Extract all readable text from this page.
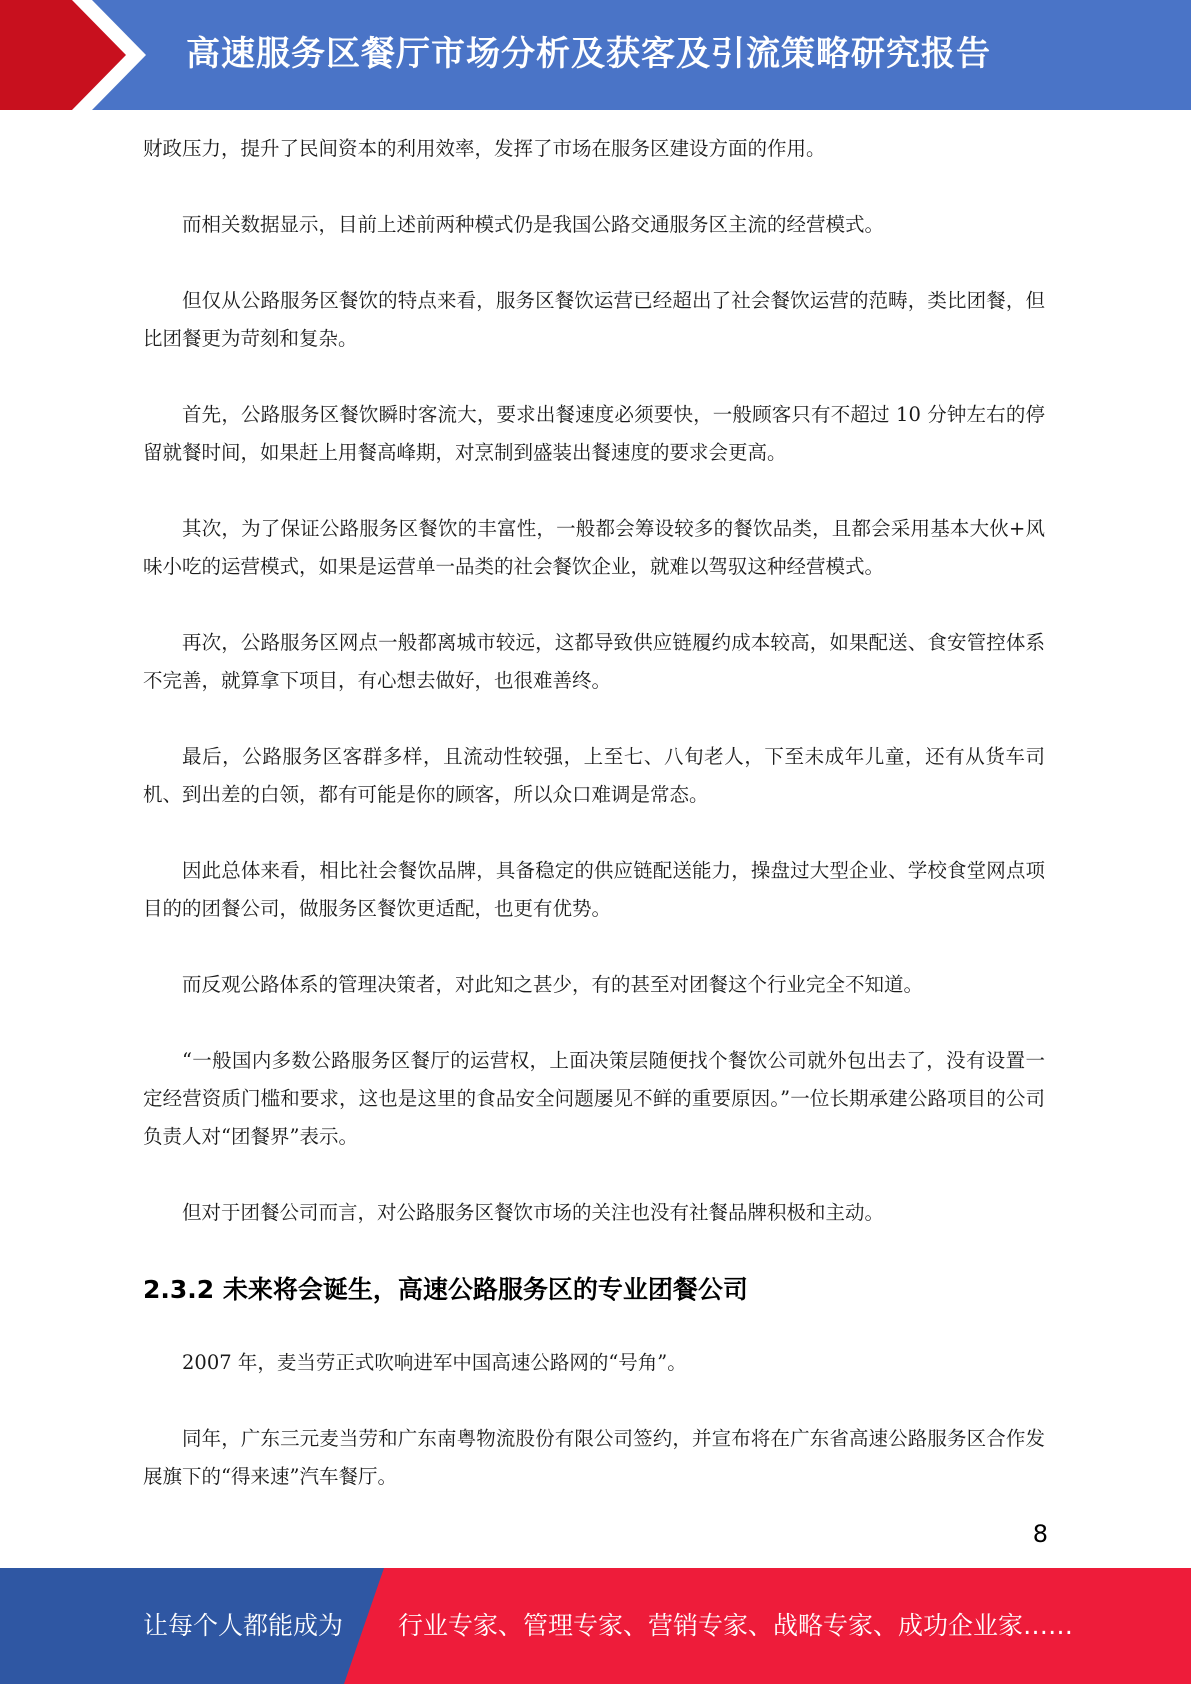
高速服务区餐厅市场分析及获客及引流策略研究报告

财政压力，提升了民间资本的利用效率，发挥了市场在服务区建设方面的作用。

而相关数据显示，目前上述前两种模式仍是我国公路交通服务区主流的经营模式。

但仅从公路服务区餐饮的特点来看，服务区餐饮运营已经超出了社会餐饮运营的范畴，类比团餐，但比团餐更为苛刻和复杂。

首先，公路服务区餐饮瞬时客流大，要求出餐速度必须要快，一般顾客只有不超过 10 分钟左右的停留就餐时间，如果赶上用餐高峰期，对烹制到盛装出餐速度的要求会更高。

其次，为了保证公路服务区餐饮的丰富性，一般都会筹设较多的餐饮品类，且都会采用基本大伙+风味小吃的运营模式，如果是运营单一品类的社会餐饮企业，就难以驾驭这种经营模式。

再次，公路服务区网点一般都离城市较远，这都导致供应链履约成本较高，如果配送、食安管控体系不完善，就算拿下项目，有心想去做好，也很难善终。

最后，公路服务区客群多样，且流动性较强，上至七、八旬老人，下至未成年儿童，还有从货车司机、到出差的白领，都有可能是你的顾客，所以众口难调是常态。

因此总体来看，相比社会餐饮品牌，具备稳定的供应链配送能力，操盘过大型企业、学校食堂网点项目的的团餐公司，做服务区餐饮更适配，也更有优势。

而反观公路体系的管理决策者，对此知之甚少，有的甚至对团餐这个行业完全不知道。

“一般国内多数公路服务区餐厅的运营权，上面决策层随便找个餐饮公司就外包出去了，没有设置一定经营资质门槛和要求，这也是这里的食品安全问题屡见不鲜的重要原因。”一位长期承建公路项目的公司负责人对“团餐界”表示。

但对于团餐公司而言，对公路服务区餐饮市场的关注也没有社餐品牌积极和主动。

2.3.2 未来将会诞生，高速公路服务区的专业团餐公司

2007 年，麦当劳正式吹响进军中国高速公路网的“号角”。

同年，广东三元麦当劳和广东南粤物流股份有限公司签约，并宣布将在广东省高速公路服务区合作发展旗下的“得来速”汽车餐厅。

8
让每个人都能成为 行业专家、管理专家、营销专家、战略专家、成功企业家……
